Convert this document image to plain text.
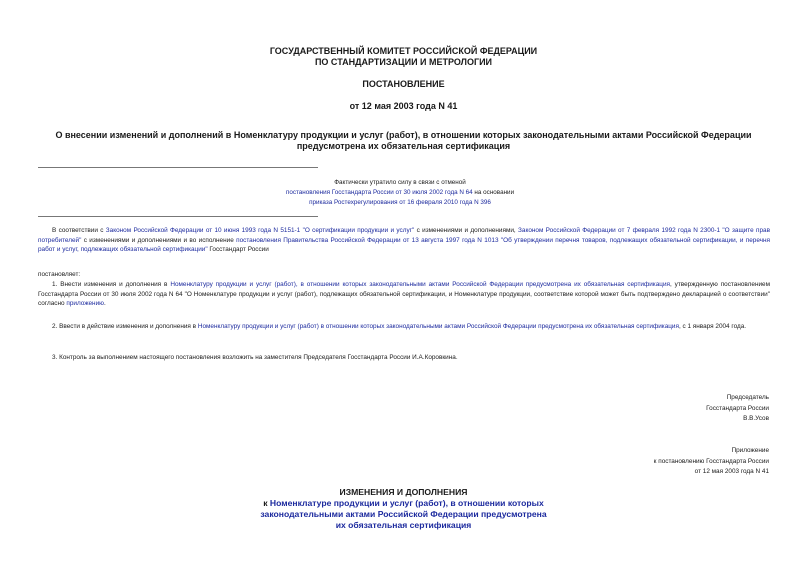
ГОСУДАРСТВЕННЫЙ КОМИТЕТ РОССИЙСКОЙ ФЕДЕРАЦИИ
ПО СТАНДАРТИЗАЦИИ И МЕТРОЛОГИИ
ПОСТАНОВЛЕНИЕ
от 12 мая 2003 года N 41
О внесении изменений и дополнений в Номенклатуру продукции и услуг (работ), в отношении которых законодательными актами Российской Федерации
предусмотрена их обязательная сертификация
Фактически утратило силу в связи с отменой
постановления Госстандарта России от 30 июля 2002 года N 64 на основании
приказа Ростехрегулирования от 16 февраля 2010 года N 396
В соответствии с Законом Российской Федерации от 10 июня 1993 года N 5151-1 "О сертификации продукции и услуг" с изменениями и дополнениями, Законом Российской Федерации от 7 февраля 1992 года N 2300-1 "О защите прав потребителей" с изменениями и дополнениями и во исполнение постановления Правительства Российской Федерации от 13 августа 1997 года N 1013 "Об утверждении перечня товаров, подлежащих обязательной сертификации, и перечня работ и услуг, подлежащих обязательной сертификации" Госстандарт России
постановляет:
1. Внести изменения и дополнения в Номенклатуру продукции и услуг (работ), в отношении которых законодательными актами Российской Федерации предусмотрена их обязательная сертификация, утвержденную постановлением Госстандарта России от 30 июля 2002 года N 64 "О Номенклатуре продукции и услуг (работ), подлежащих обязательной сертификации, и Номенклатуре продукции, соответствие которой может быть подтверждено декларацией о соответствии" согласно приложению.
2. Ввести в действие изменения и дополнения в Номенклатуру продукции и услуг (работ) в отношении которых законодательными актами Российской Федерации предусмотрена их обязательная сертификация, с 1 января 2004 года.
3. Контроль за выполнением настоящего постановления возложить на заместителя Председателя Госстандарта России И.А.Коровкина.
Председатель
Госстандарта России
В.В.Усов
Приложение
к постановлению Госстандарта России
от 12 мая 2003 года N 41
ИЗМЕНЕНИЯ И ДОПОЛНЕНИЯ
к Номенклатуре продукции и услуг (работ), в отношении которых
законодательными актами Российской Федерации предусмотрена
их обязательная сертификация
